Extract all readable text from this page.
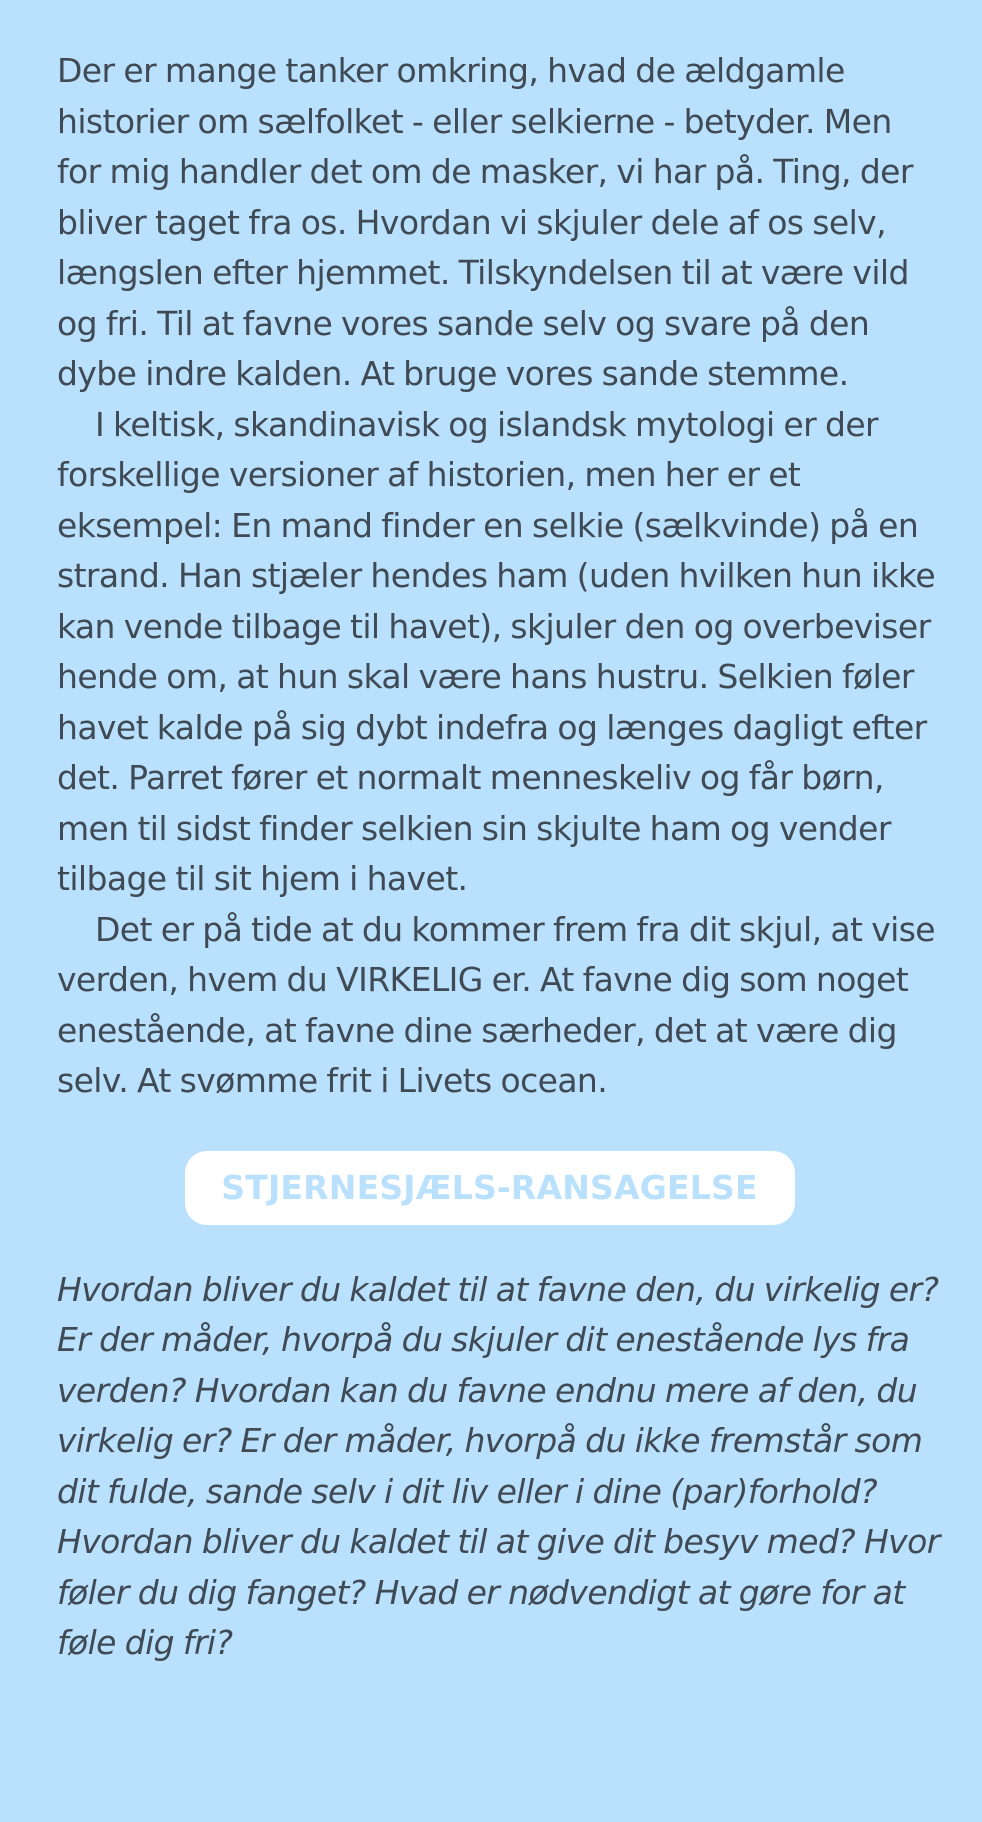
Der er mange tanker omkring, hvad de ældgamle historier om sælfolket - eller selkierne - betyder. Men for mig handler det om de masker, vi har på. Ting, der bliver taget fra os. Hvordan vi skjuler dele af os selv, længslen efter hjemmet. Tilskyndelsen til at være vild og fri. Til at favne vores sande selv og svare på den dybe indre kalden. At bruge vores sande stemme.

I keltisk, skandinavisk og islandsk mytologi er der forskellige versioner af historien, men her er et eksempel: En mand finder en selkie (sælkvinde) på en strand. Han stjæler hendes ham (uden hvilken hun ikke kan vende tilbage til havet), skjuler den og overbeviser hende om, at hun skal være hans hustru. Selkien føler havet kalde på sig dybt indefra og længes dagligt efter det. Parret fører et normalt menneskeliv og får børn, men til sidst finder selkien sin skjulte ham og vender tilbage til sit hjem i havet.

Det er på tide at du kommer frem fra dit skjul, at vise verden, hvem du VIRKELIG er. At favne dig som noget enestående, at favne dine særheder, det at være dig selv. At svømme frit i Livets ocean.

STJERNESJÆLS-RANSAGELSE

Hvordan bliver du kaldet til at favne den, du virkelig er? Er der måder, hvorpå du skjuler dit enestående lys fra verden? Hvordan kan du favne endnu mere af den, du virkelig er? Er der måder, hvorpå du ikke fremstår som dit fulde, sande selv i dit liv eller i dine (par)forhold? Hvordan bliver du kaldet til at give dit besyv med? Hvor føler du dig fanget? Hvad er nødvendigt at gøre for at føle dig fri?
